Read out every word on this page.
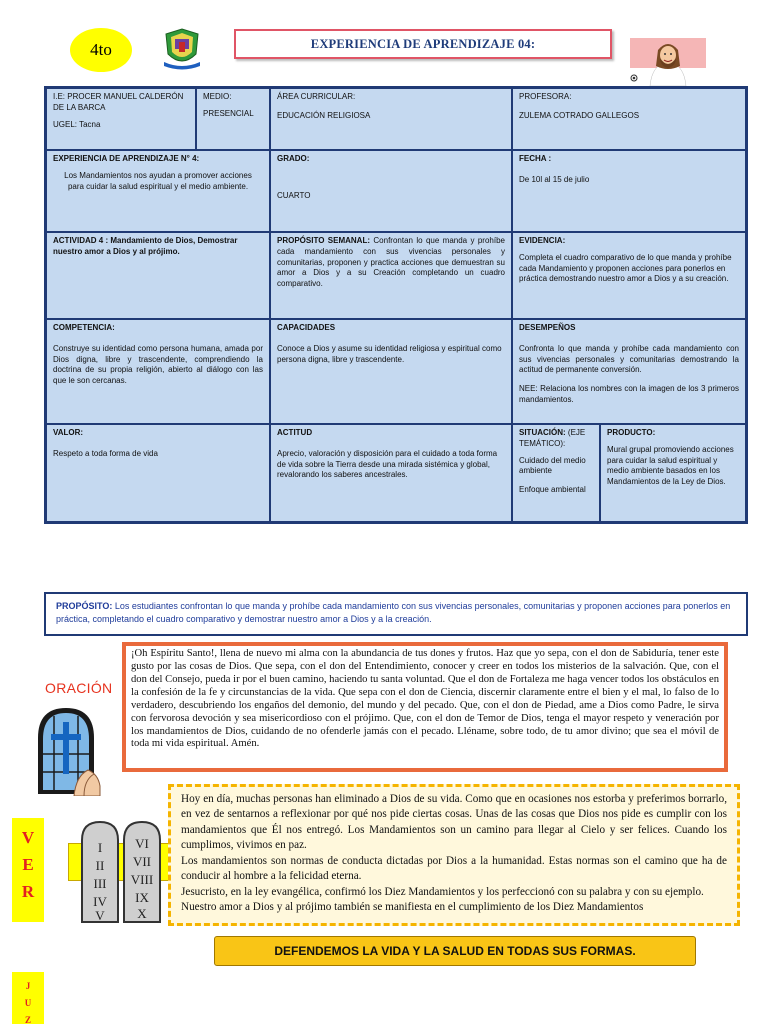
4to	EXPERIENCIA DE APRENDIZAJE 04:

I.E: PROCER MANUEL CALDERÓN DE LA BARCA

UGEL: Tacna

MEDIO:

PRESENCIAL

ÁREA CURRICULAR:

EDUCACIÓN RELIGIOSA

PROFESORA:

ZULEMA COTRADO GALLEGOS

EXPERIENCIA DE APRENDIZAJE N° 4:

Los Mandamientos nos ayudan a promover acciones para cuidar la salud espiritual y el medio ambiente.

GRADO:

CUARTO

FECHA :

De 10l al 15 de julio

ACTIVIDAD 4 : Mandamiento de Dios, Demostrar nuestro amor a Dios y al prójimo.

PROPÓSITO SEMANAL: Confrontan lo que manda y prohíbe cada mandamiento con sus vivencias personales y comunitarias, proponen y practica acciones que demuestran su amor a Dios y a su Creación completando un cuadro comparativo.

EVIDENCIA:

Completa el cuadro comparativo de lo que manda y prohíbe cada Mandamiento y proponen acciones para ponerlos en práctica demostrando nuestro amor a Dios y a su creación.

COMPETENCIA:

Construye su identidad como persona humana, amada por Dios digna, libre y trascendente, comprendiendo la doctrina de su propia religión, abierto al diálogo con las que le son cercanas.

CAPACIDADES

Conoce a Dios y asume su identidad religiosa y espiritual como persona digna, libre y trascendente.

DESEMPEÑOS

Confronta lo que manda y prohíbe cada mandamiento con sus vivencias personales y comunitarias demostrando la actitud de permanente conversión.

NEE: Relaciona los nombres con la imagen de los 3 primeros mandamientos.

VALOR:

Respeto a toda forma de vida

ACTITUD

Aprecio, valoración y disposición para el cuidado a toda forma de vida sobre la Tierra desde una mirada sistémica y global, revalorando los saberes ancestrales.

SITUACIÓN: (EJE TEMÁTICO):

Cuidado del medio ambiente

Enfoque ambiental

PRODUCTO:

Mural grupal promoviendo acciones para cuidar la salud espiritual y medio ambiente basados en los Mandamientos de la Ley de Dios.

PROPÓSITO: Los estudiantes confrontan lo que manda y prohíbe cada mandamiento con sus vivencias personales, comunitarias y proponen acciones para ponerlos en práctica, completando el cuadro comparativo y demostrar nuestro amor a Dios y a la creación.
ORACIÓN
¡Oh Espíritu Santo!, llena de nuevo mi alma con la abundancia de tus dones y frutos. Haz que yo sepa, con el don de Sabiduría, tener este gusto por las cosas de Dios. Que sepa, con el don del Entendimiento, conocer y creer en todos los misterios de la salvación. Que, con el don del Consejo, pueda ir por el buen camino, haciendo tu santa voluntad. Que el don de Fortaleza me haga vencer todos los obstáculos en la confesión de la fe y circunstancias de la vida. Que sepa con el don de Ciencia, discernir claramente entre el bien y el mal, lo falso de lo verdadero, descubriendo los engaños del demonio, del mundo y del pecado. Que, con el don de Piedad, ame a Dios como Padre, le sirva con fervorosa devoción y sea misericordioso con el prójimo. Que, con el don de Temor de Dios, tenga el mayor respeto y veneración por los mandamientos de Dios, cuidando de no ofenderle jamás con el pecado. Lléname, sobre todo, de tu amor divino; que sea el móvil de toda mi vida espiritual. Amén.
V
E
R
J
U
Z
I
II
III
IV
V
VI
VII
VIII
IX
X

Hoy en día, muchas personas han eliminado a Dios de su vida. Como que en ocasiones nos estorba y preferimos borrarlo, en vez de sentarnos a reflexionar por qué nos pide ciertas cosas. Unas de las cosas que Dios nos pide es cumplir con los mandamientos que Él nos entregó. Los Mandamientos son un camino para llegar al Cielo y ser felices. Cuando los cumplimos, vivimos en paz.

Los mandamientos son normas de conducta dictadas por Dios a la humanidad. Estas normas son el camino que ha de conducir al hombre a la felicidad eterna.

Jesucristo, en la ley evangélica, confirmó los Diez Mandamientos y los perfeccionó con su palabra y con su ejemplo.

Nuestro amor a Dios y al prójimo también se manifiesta en el cumplimiento de los Diez Mandamientos

DEFENDEMOS LA VIDA Y LA SALUD EN TODAS SUS FORMAS.
